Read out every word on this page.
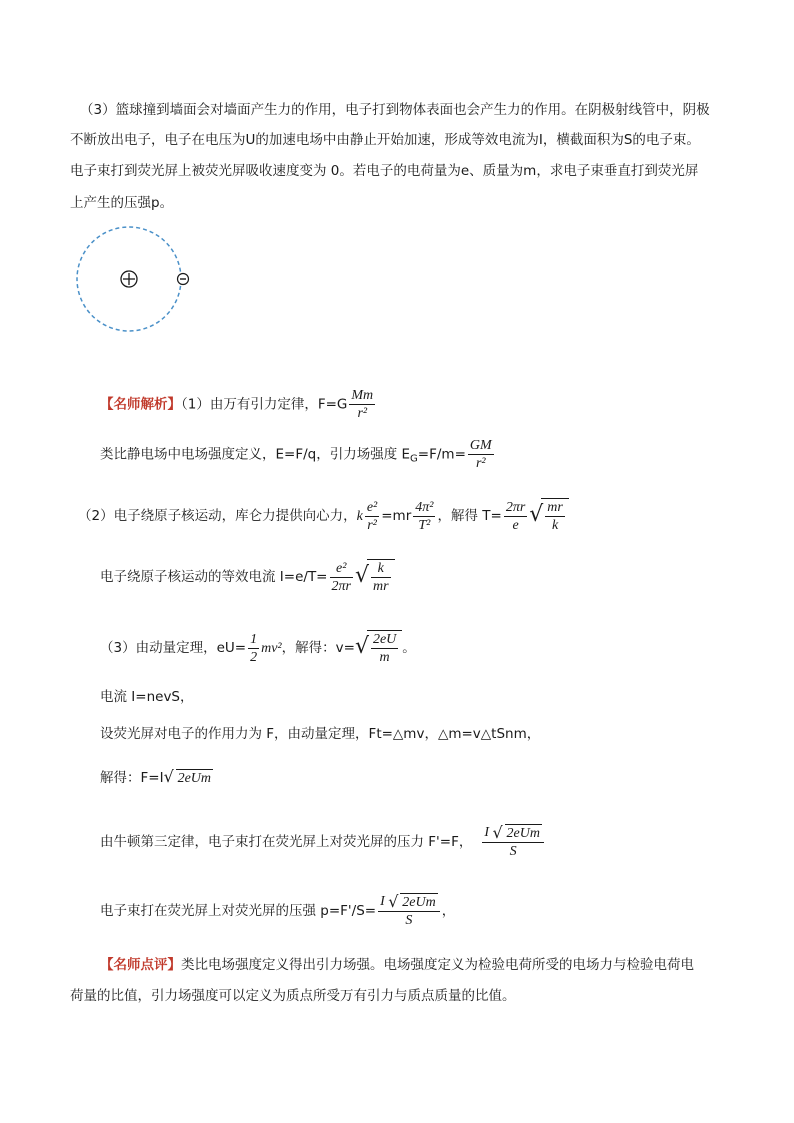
（3）篮球撞到墙面会对墙面产生力的作用，电子打到物体表面也会产生力的作用。在阴极射线管中，阴极
不断放出电子，电子在电压为U的加速电场中由静止开始加速，形成等效电流为I，横截面积为S的电子束。
电子束打到荧光屏上被荧光屏吸收速度变为 0。若电子的电荷量为e、质量为m，求电子束垂直打到荧光屏
上产生的压强p。
【名师解析】（1）由万有引力定律，$F=G \frac{Mm}{\text{r²}}$
类比静电场中电场强度定义，E=F/q，引力场强度 $E_G=F/m= \frac{GM}{\text{r²}}$
（2）电子绕原子核运动，库仑力提供向心力，k $\frac{\text{e²}}{\text{r²}} =mr \frac{\text{4π²}}{\text{T²}}$ ，解得 $T= \frac{2\pi r}{e}$ √ $\frac{mr}{k}$
电子绕原子核运动的等效电流 $I=e/T= \frac{\text{e²}}{2\pi r}$ √ $\frac{k}{mr}$
（3）由动量定理，$eU= \frac{1}{2} mv^2$，解得：v= √ $\frac{2eU}{m}$ 。
电流 I=nevS，
设荧光屏对电子的作用力为 F，由动量定理，Ft=△mv，△m=v△tSnm，
解得：F=I √ 2eUm
由牛顿第三定律，电子束打在荧光屏上对荧光屏的压力 F'=F， $\frac{\text{I √ 2eUm}}{S}$
电子束打在荧光屏上对荧光屏的压强 $p=F'/S= \frac{\text{I √ 2eUm}}{S}$ ，
【名师点评】类比电场强度定义得出引力场强。电场强度定义为检验电荷所受的电场力与检验电荷电
荷量的比值，引力场强度可以定义为质点所受万有引力与质点质量的比值。
